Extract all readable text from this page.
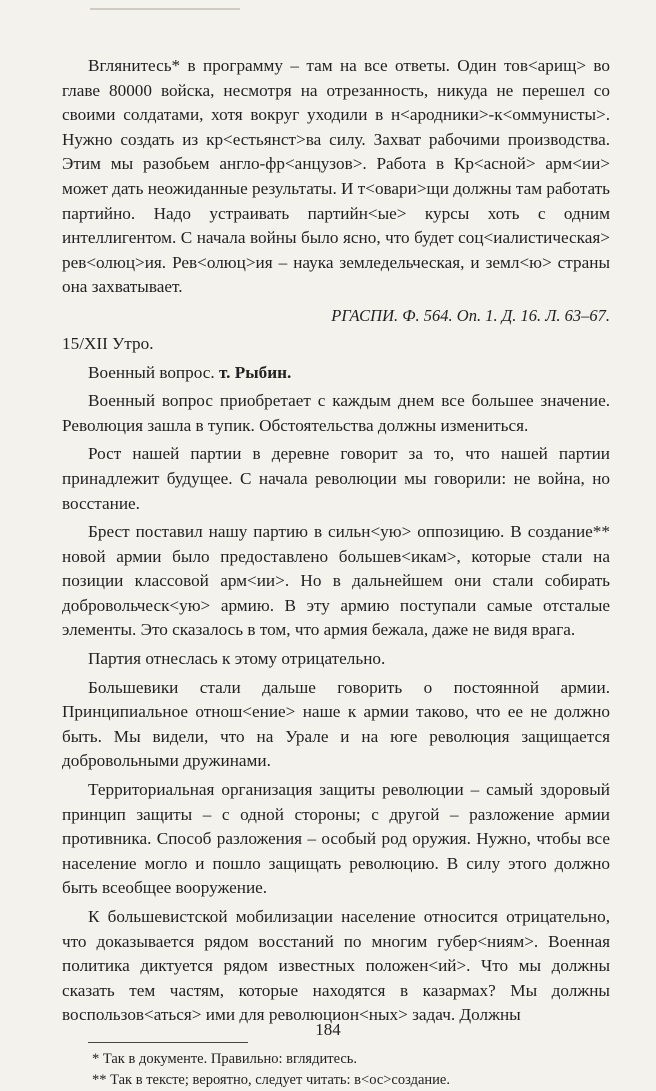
Вглянитесь* в программу – там на все ответы. Один тов<арищ> во главе 80000 войска, несмотря на отрезанность, никуда не перешел со своими солдатами, хотя вокруг уходили в н<ародники>-к<оммунисты>. Нужно создать из кр<естьянст>ва силу. Захват рабочими производства. Этим мы разобьем англо-фр<анцузов>. Работа в Кр<асной> арм<ии> может дать неожиданные результаты. И т<овари>щи должны там работать партийно. Надо устраивать партийн<ые> курсы хоть с одним интеллигентом. С начала войны было ясно, что будет соц<иалистическая> рев<олюц>ия. Рев<олюц>ия – наука земледельческая, и земл<ю> страны она захватывает.

РГАСПИ. Ф. 564. Оп. 1. Д. 16. Л. 63–67.

15/XII Утро.

Военный вопрос. т. Рыбин.

Военный вопрос приобретает с каждым днем все большее значение. Революция зашла в тупик. Обстоятельства должны измениться.

Рост нашей партии в деревне говорит за то, что нашей партии принадлежит будущее. С начала революции мы говорили: не война, но восстание.

Брест поставил нашу партию в сильн<ую> оппозицию. В создание** новой армии было предоставлено большев<икам>, которые стали на позиции классовой арм<ии>. Но в дальнейшем они стали собирать добровольческ<ую> армию. В эту армию поступали самые отсталые элементы. Это сказалось в том, что армия бежала, даже не видя врага.

Партия отнеслась к этому отрицательно.

Большевики стали дальше говорить о постоянной армии. Принципиальное отнош<ение> наше к армии таково, что ее не должно быть. Мы видели, что на Урале и на юге революция защищается добровольными дружинами.

Территориальная организация защиты революции – самый здоровый принцип защиты – с одной стороны; с другой – разложение армии противника. Способ разложения – особый род оружия. Нужно, чтобы все население могло и пошло защищать революцию. В силу этого должно быть всеобщее вооружение.

К большевистской мобилизации население относится отрицательно, что доказывается рядом восстаний по многим губер<ниям>. Военная политика диктуется рядом известных положен<ий>. Что мы должны сказать тем частям, которые находятся в казармах? Мы должны воспользов<аться> ими для революцион<ных> задач. Должны

* Так в документе. Правильно: вглядитесь.

** Так в тексте; вероятно, следует читать: в<ос>создание.

184
